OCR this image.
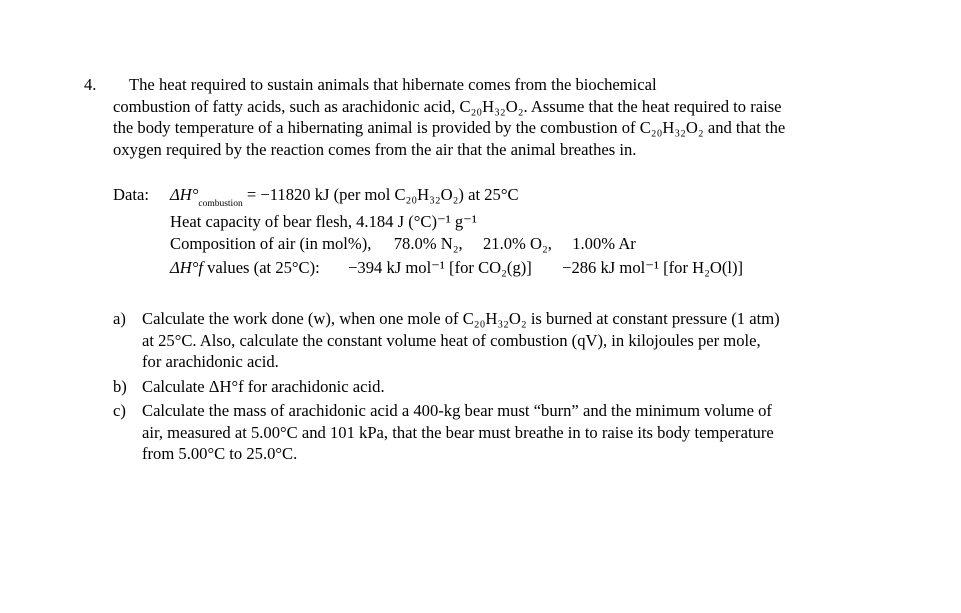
4.	The heat required to sustain animals that hibernate comes from the biochemical
combustion of fatty acids, such as arachidonic acid, C₂₀H₃₂O₂. Assume that the heat required to raise
the body temperature of a hibernating animal is provided by the combustion of C₂₀H₃₂O₂ and that the
oxygen required by the reaction comes from the air that the animal breathes in.
Data: $\Delta H^\circ_{combustion} = -11820$ kJ (per mol C₂₀H₃₂O₂) at 25°C
Heat capacity of bear flesh, 4.184 J (°C)⁻¹ g⁻¹
Composition of air (in mol%), 78.0% N₂, 21.0% O₂, 1.00% Ar
ΔH°f values (at 25°C): −394 kJ mol⁻¹ [for CO₂(g)] −286 kJ mol⁻¹ [for H₂O(l)]
a) Calculate the work done (w), when one mole of C₂₀H₃₂O₂ is burned at constant pressure (1 atm)
at 25°C. Also, calculate the constant volume heat of combustion (qV), in kilojoules per mole,
for arachidonic acid.
b) Calculate ΔH°f for arachidonic acid.
c) Calculate the mass of arachidonic acid a 400-kg bear must “burn” and the minimum volume of
air, measured at 5.00°C and 101 kPa, that the bear must breathe in to raise its body temperature
from 5.00°C to 25.0°C.
